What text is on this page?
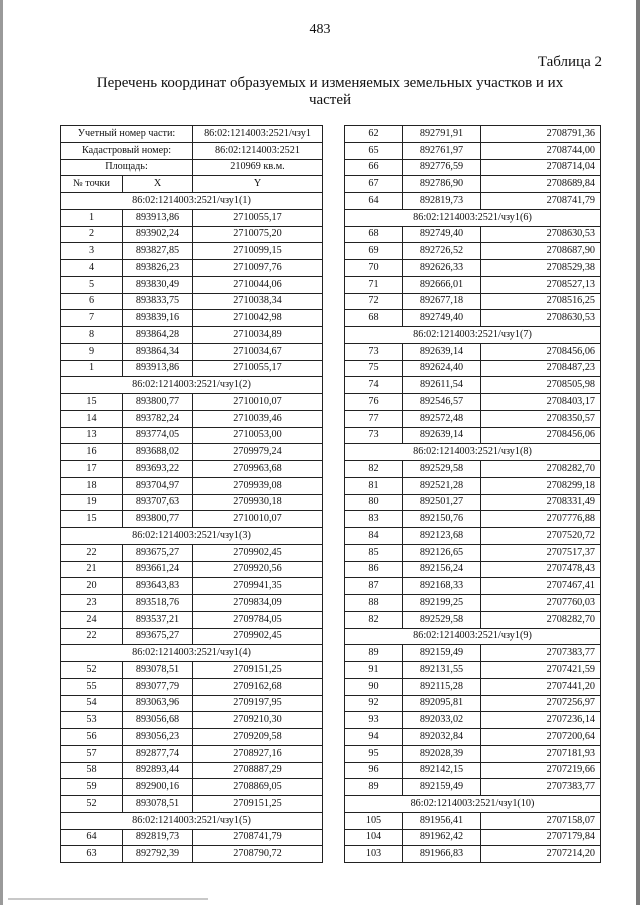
483
Таблица 2
Перечень координат образуемых и изменяемых земельных участков и их частей
Учетный номер части:		86:02:1214003:2521/чзу1
Кадастровый номер:		86:02:1214003:2521
Площадь:		210969 кв.м.
№ точки	X	Y
86:02:1214003:2521/чзу1(1)		
1	893913,86	2710055,17
2	893902,24	2710075,20
3	893827,85	2710099,15
4	893826,23	2710097,76
5	893830,49	2710044,06
6	893833,75	2710038,34
7	893839,16	2710042,98
8	893864,28	2710034,89
9	893864,34	2710034,67
1	893913,86	2710055,17
86:02:1214003:2521/чзу1(2)		
15	893800,77	2710010,07
14	893782,24	2710039,46
13	893774,05	2710053,00
16	893688,02	2709979,24
17	893693,22	2709963,68
18	893704,97	2709939,08
19	893707,63	2709930,18
15	893800,77	2710010,07
86:02:1214003:2521/чзу1(3)		
22	893675,27	2709902,45
21	893661,24	2709920,56
20	893643,83	2709941,35
23	893518,76	2709834,09
24	893537,21	2709784,05
22	893675,27	2709902,45
86:02:1214003:2521/чзу1(4)		
52	893078,51	2709151,25
55	893077,79	2709162,68
54	893063,96	2709197,95
53	893056,68	2709210,30
56	893056,23	2709209,58
57	892877,74	2708927,16
58	892893,44	2708887,29
59	892900,16	2708869,05
52	893078,51	2709151,25
86:02:1214003:2521/чзу1(5)		
64	892819,73	2708741,79
63	892792,39	2708790,72
62	892791,91	2708791,36
65	892761,97	2708744,00
66	892776,59	2708714,04
67	892786,90	2708689,84
64	892819,73	2708741,79
86:02:1214003:2521/чзу1(6)		
68	892749,40	2708630,53
69	892726,52	2708687,90
70	892626,33	2708529,38
71	892666,01	2708527,13
72	892677,18	2708516,25
68	892749,40	2708630,53
86:02:1214003:2521/чзу1(7)		
73	892639,14	2708456,06
75	892624,40	2708487,23
74	892611,54	2708505,98
76	892546,57	2708403,17
77	892572,48	2708350,57
73	892639,14	2708456,06
86:02:1214003:2521/чзу1(8)		
82	892529,58	2708282,70
81	892521,28	2708299,18
80	892501,27	2708331,49
83	892150,76	2707776,88
84	892123,68	2707520,72
85	892126,65	2707517,37
86	892156,24	2707478,43
87	892168,33	2707467,41
88	892199,25	2707760,03
82	892529,58	2708282,70
86:02:1214003:2521/чзу1(9)		
89	892159,49	2707383,77
91	892131,55	2707421,59
90	892115,28	2707441,20
92	892095,81	2707256,97
93	892033,02	2707236,14
94	892032,84	2707200,64
95	892028,39	2707181,93
96	892142,15	2707219,66
89	892159,49	2707383,77
86:02:1214003:2521/чзу1(10)		
105	891956,41	2707158,07
104	891962,42	2707179,84
103	891966,83	2707214,20
